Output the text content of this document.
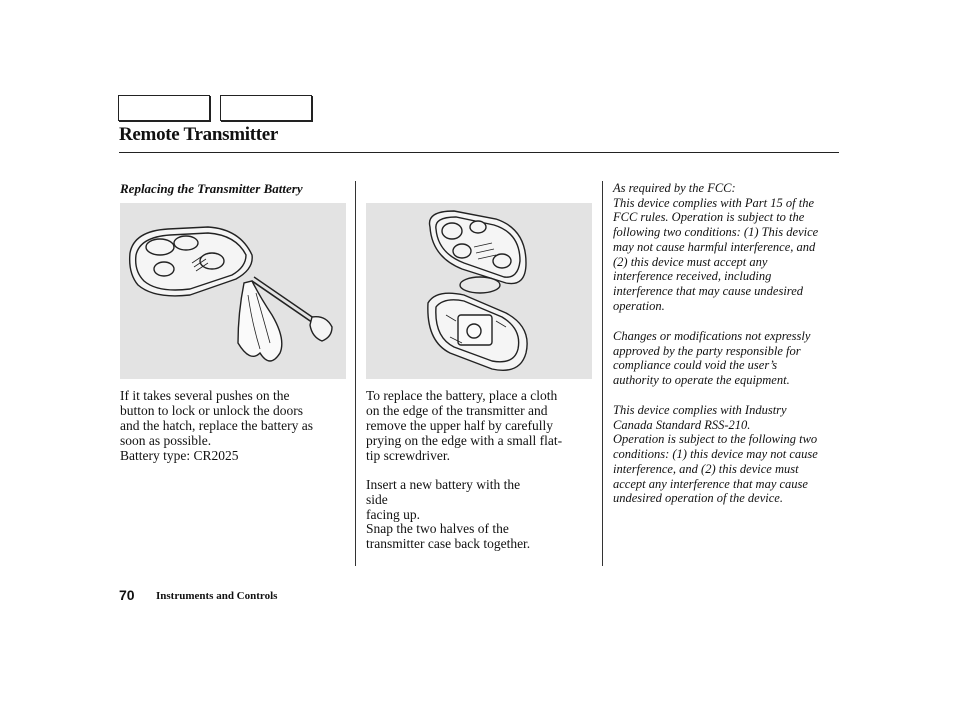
Remote Transmitter

Replacing the Transmitter Battery

If it takes several pushes on the
button to lock or unlock the doors
and the hatch, replace the battery as
soon as possible.
Battery type: CR2025

To replace the battery, place a cloth
on the edge of the transmitter and
remove the upper half by carefully
prying on the edge with a small flat-
tip screwdriver.

Insert a new battery with the
side
facing up.

Snap the two halves of the
transmitter case back together.

As required by the FCC:
This device complies with Part 15 of the
FCC rules. Operation is subject to the
following two conditions: (1) This device
may not cause harmful interference, and
(2) this device must accept any
interference received, including
interference that may cause undesired
operation.

Changes or modifications not expressly
approved by the party responsible for
compliance could void the user’s
authority to operate the equipment.

This device complies with Industry
Canada Standard RSS-210.
Operation is subject to the following two
conditions: (1) this device may not cause
interference, and (2) this device must
accept any interference that may cause
undesired operation of the device.

70 Instruments and Controls
